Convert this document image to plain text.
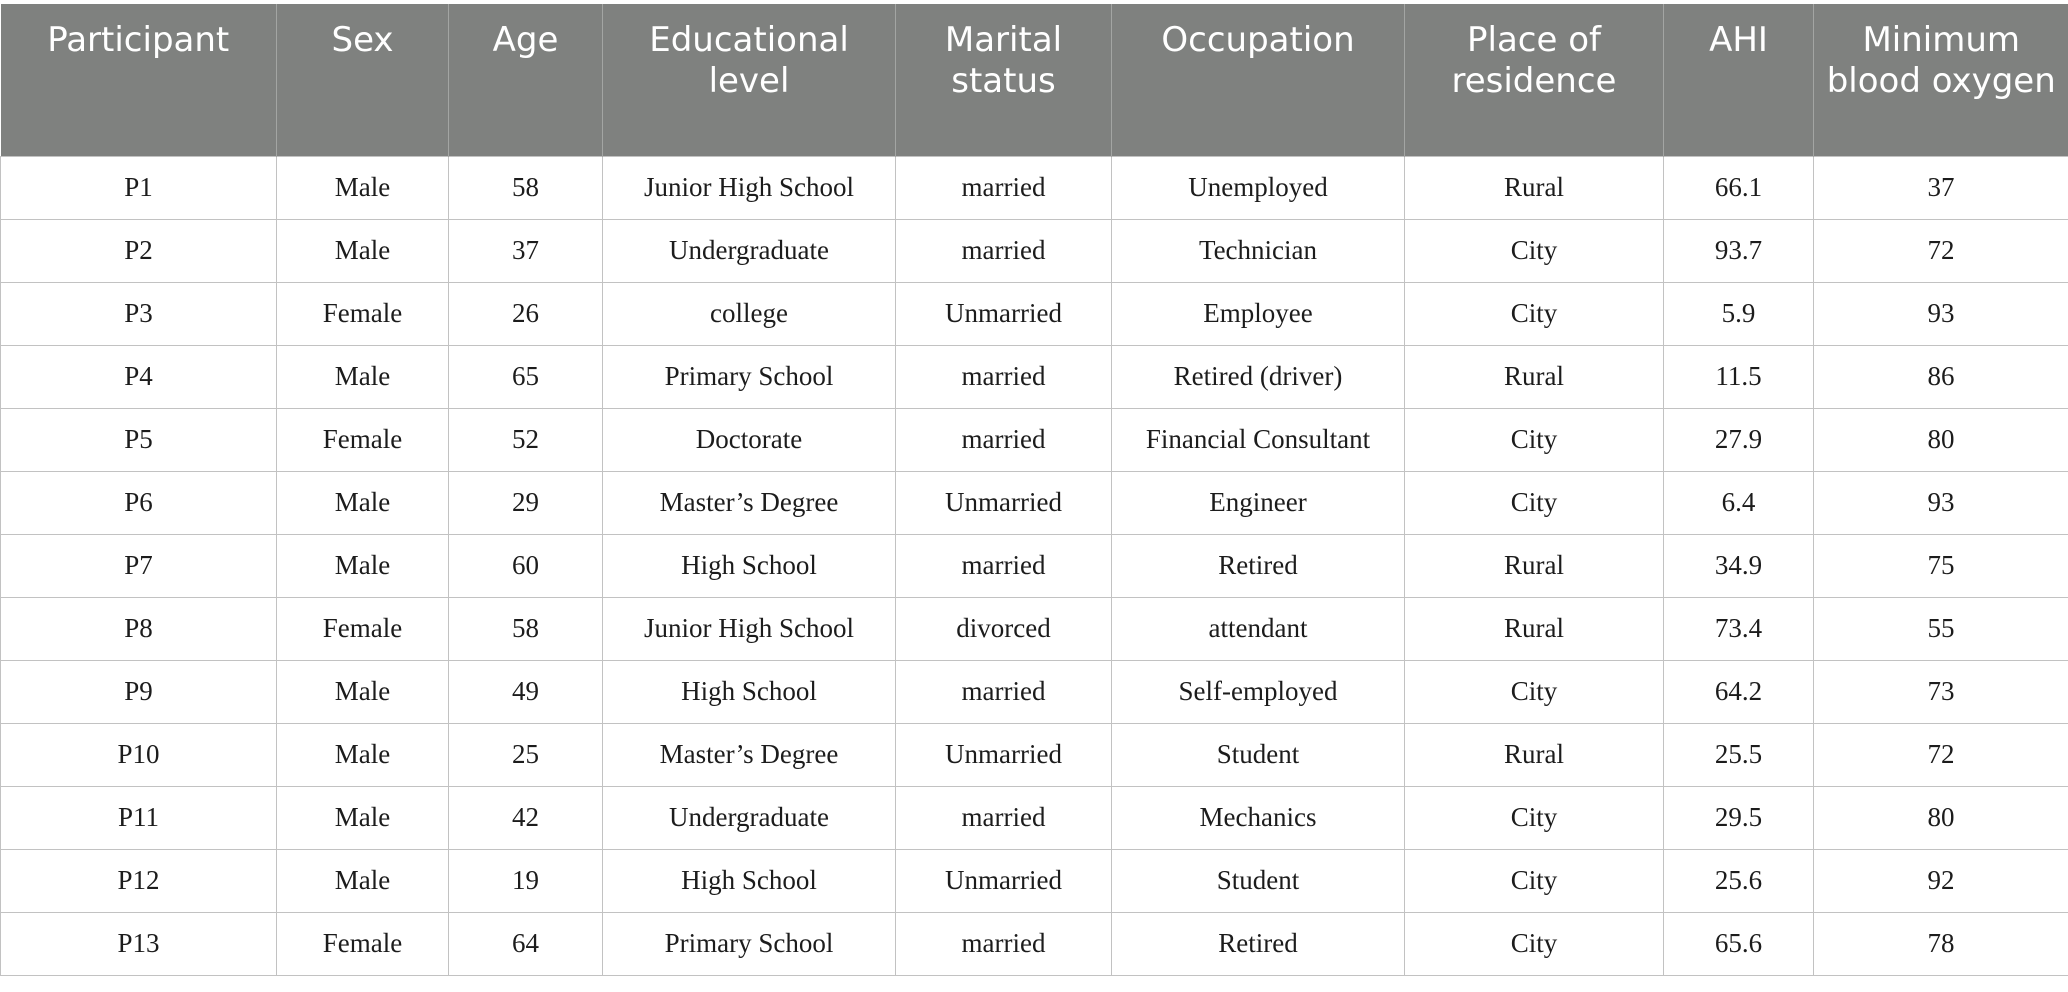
Participant	Sex	Age	Educational level	Marital status	Occupation	Place of residence	AHI	Minimum blood oxygen
P1	Male	58	Junior High School	married	Unemployed	Rural	66.1	37
P2	Male	37	Undergraduate	married	Technician	City	93.7	72
P3	Female	26	college	Unmarried	Employee	City	5.9	93
P4	Male	65	Primary School	married	Retired (driver)	Rural	11.5	86
P5	Female	52	Doctorate	married	Financial Consultant	City	27.9	80
P6	Male	29	Master’s Degree	Unmarried	Engineer	City	6.4	93
P7	Male	60	High School	married	Retired	Rural	34.9	75
P8	Female	58	Junior High School	divorced	attendant	Rural	73.4	55
P9	Male	49	High School	married	Self-employed	City	64.2	73
P10	Male	25	Master’s Degree	Unmarried	Student	Rural	25.5	72
P11	Male	42	Undergraduate	married	Mechanics	City	29.5	80
P12	Male	19	High School	Unmarried	Student	City	25.6	92
P13	Female	64	Primary School	married	Retired	City	65.6	78
